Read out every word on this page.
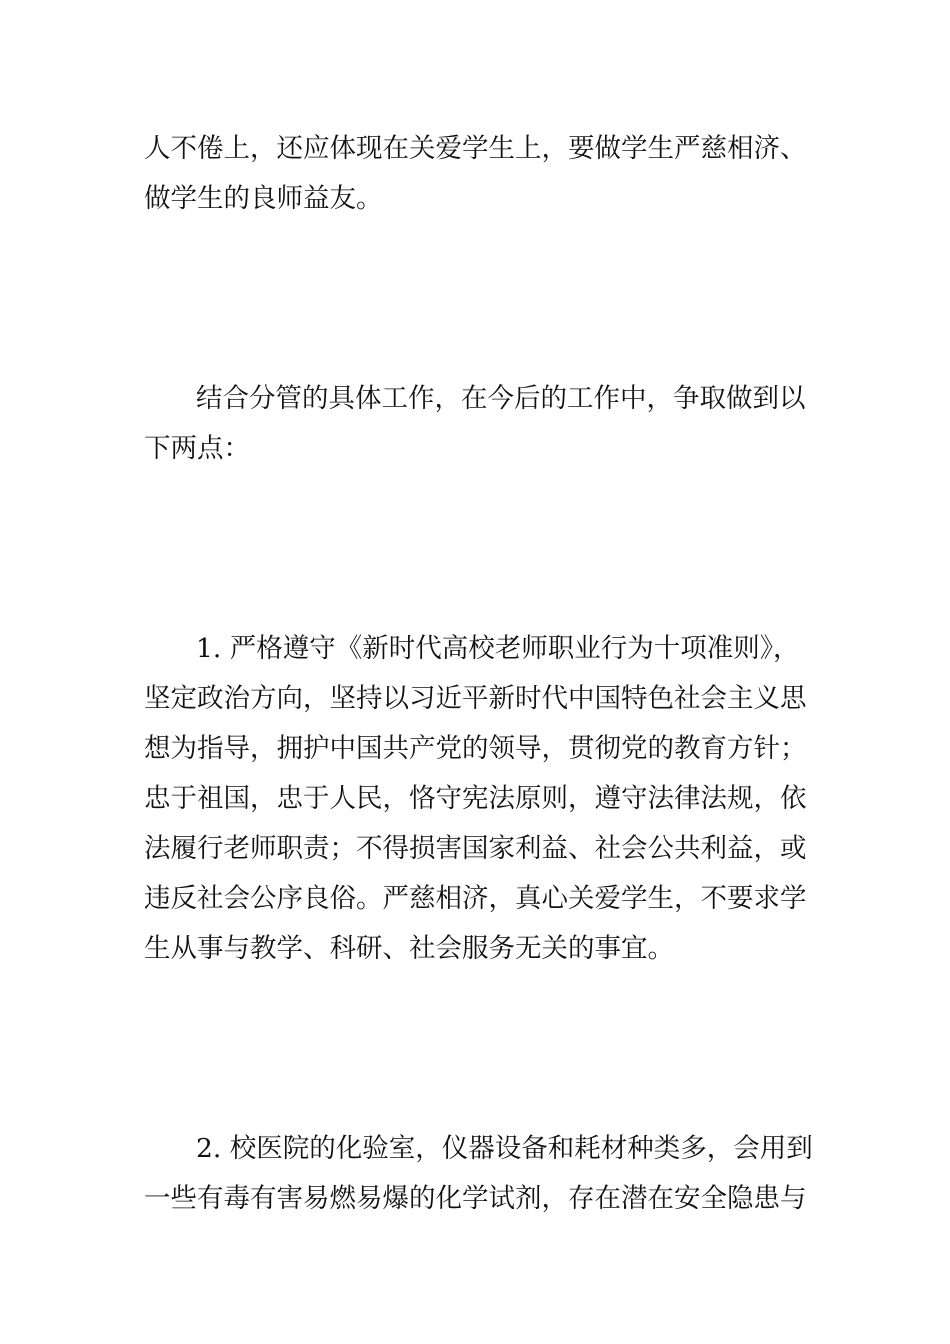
人不倦上，还应体现在关爱学生上，要做学生严慈相济、
做学生的良师益友。
结合分管的具体工作，在今后的工作中，争取做到以
下两点：
1. 严格遵守《新时代高校老师职业行为十项准则》，
坚定政治方向，坚持以习近平新时代中国特色社会主义思
想为指导，拥护中国共产党的领导，贯彻党的教育方针；
忠于祖国，忠于人民，恪守宪法原则，遵守法律法规，依
法履行老师职责；不得损害国家利益、社会公共利益，或
违反社会公序良俗。严慈相济，真心关爱学生，不要求学
生从事与教学、科研、社会服务无关的事宜。
2. 校医院的化验室，仪器设备和耗材种类多，会用到
一些有毒有害易燃易爆的化学试剂，存在潜在安全隐患与
